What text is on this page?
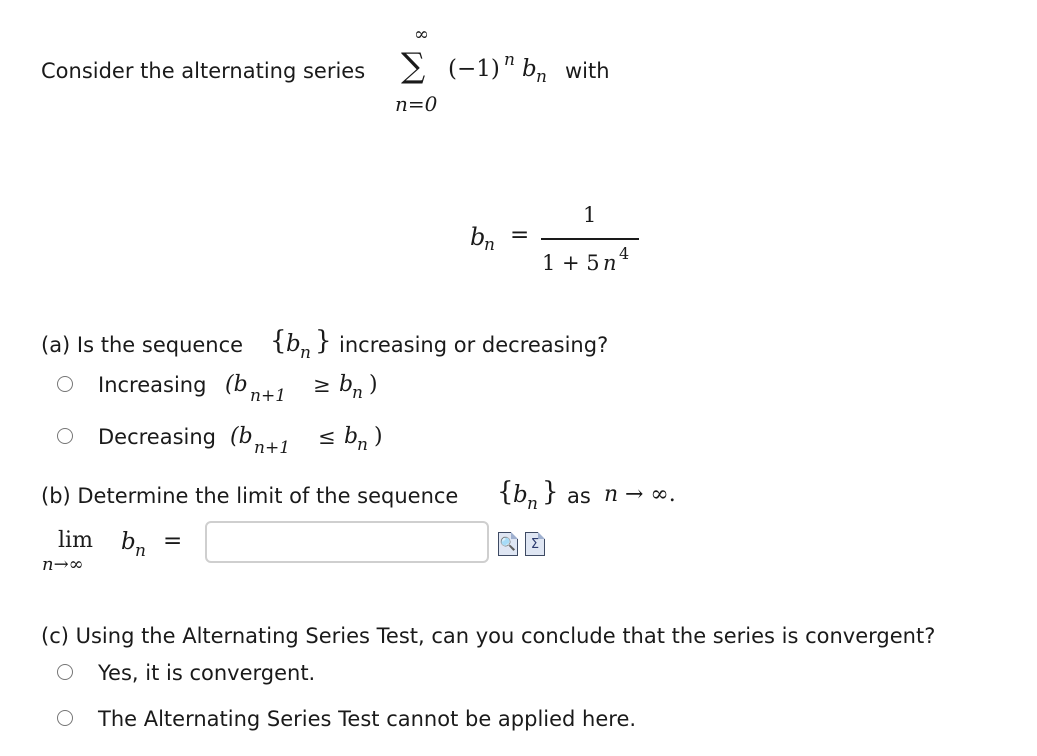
Consider the alternating series
∞
∑
n=0
(−1) n b n with
b
n =
1
1 + 5 n 4
(a) Is the sequence { b n } increasing or decreasing?
Increasing (b n+1 ≥ b
n )
Decreasing (b n+1 ≤ b
n )
(b) Determine the limit of the sequence { b n } as n → ∞.
lim
n→∞
b n =	🔍	Σ
(c) Using the Alternating Series Test, can you conclude that the series is convergent?
Yes, it is convergent.
The Alternating Series Test cannot be applied here.
